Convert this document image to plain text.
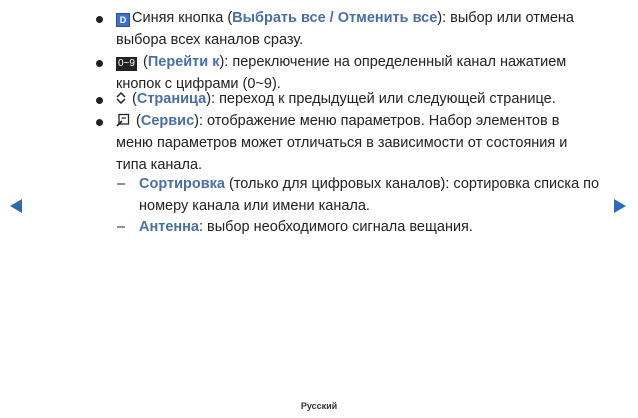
D Синяя кнопка (Выбрать все / Отменить все): выбор или отмена выбора всех каналов сразу.
0~9 (Перейти к): переключение на определенный канал нажатием кнопок с цифрами (0~9).
(Страница): переход к предыдущей или следующей странице.
(Сервис): отображение меню параметров. Набор элементов в меню параметров может отличаться в зависимости от состояния и типа канала.
– Сортировка (только для цифровых каналов): сортировка списка по номеру канала или имени канала.
– Антенна: выбор необходимого сигнала вещания.
Русский
